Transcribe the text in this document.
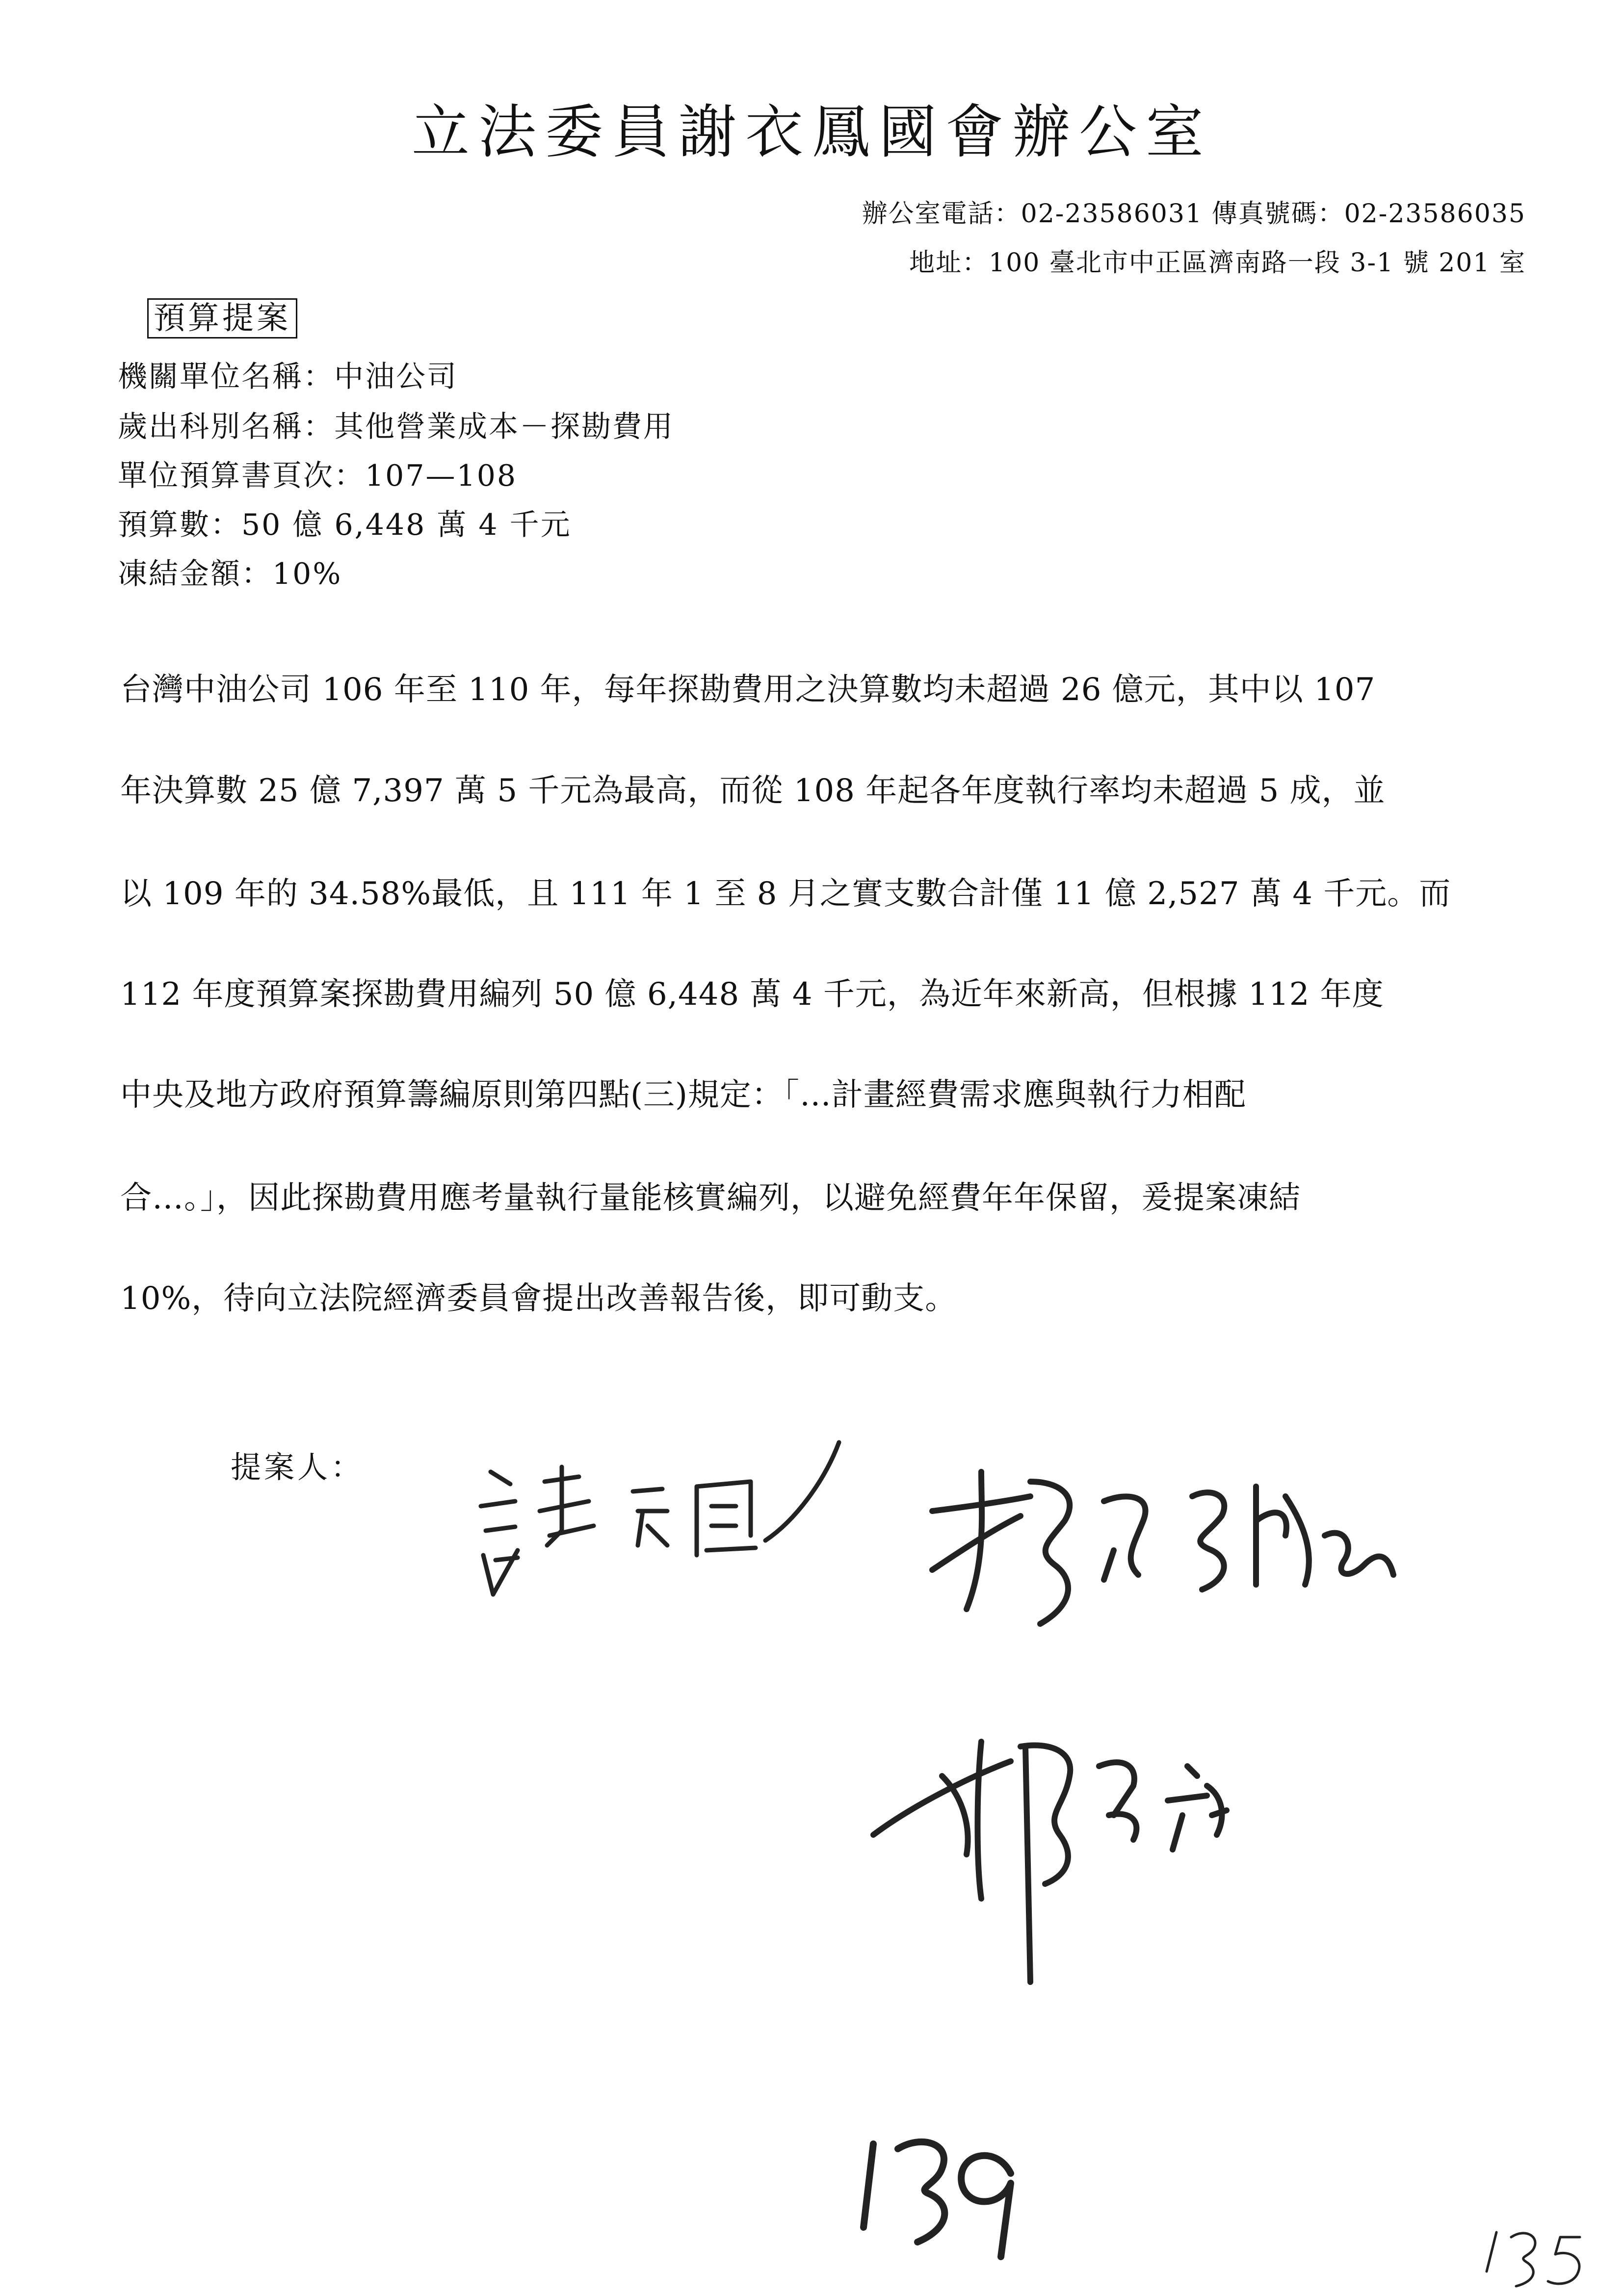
立法委員謝衣鳳國會辦公室
辦公室電話：02-23586031 傳真號碼：02-23586035
地址：100 臺北市中正區濟南路一段 3-1 號 201 室
預算提案
機關單位名稱：中油公司
歲出科別名稱：其他營業成本－探勘費用
單位預算書頁次：107—108
預算數：50 億 6,448 萬 4 千元
凍結金額：10%
台灣中油公司 106 年至 110 年，每年探勘費用之決算數均未超過 26 億元，其中以 107
年決算數 25 億 7,397 萬 5 千元為最高，而從 108 年起各年度執行率均未超過 5 成，並
以 109 年的 34.58%最低，且 111 年 1 至 8 月之實支數合計僅 11 億 2,527 萬 4 千元。而
112 年度預算案探勘費用編列 50 億 6,448 萬 4 千元，為近年來新高，但根據 112 年度
中央及地方政府預算籌編原則第四點(三)規定：「…計畫經費需求應與執行力相配
合…。」，因此探勘費用應考量執行量能核實編列，以避免經費年年保留，爰提案凍結
10%，待向立法院經濟委員會提出改善報告後，即可動支。
提案人：
